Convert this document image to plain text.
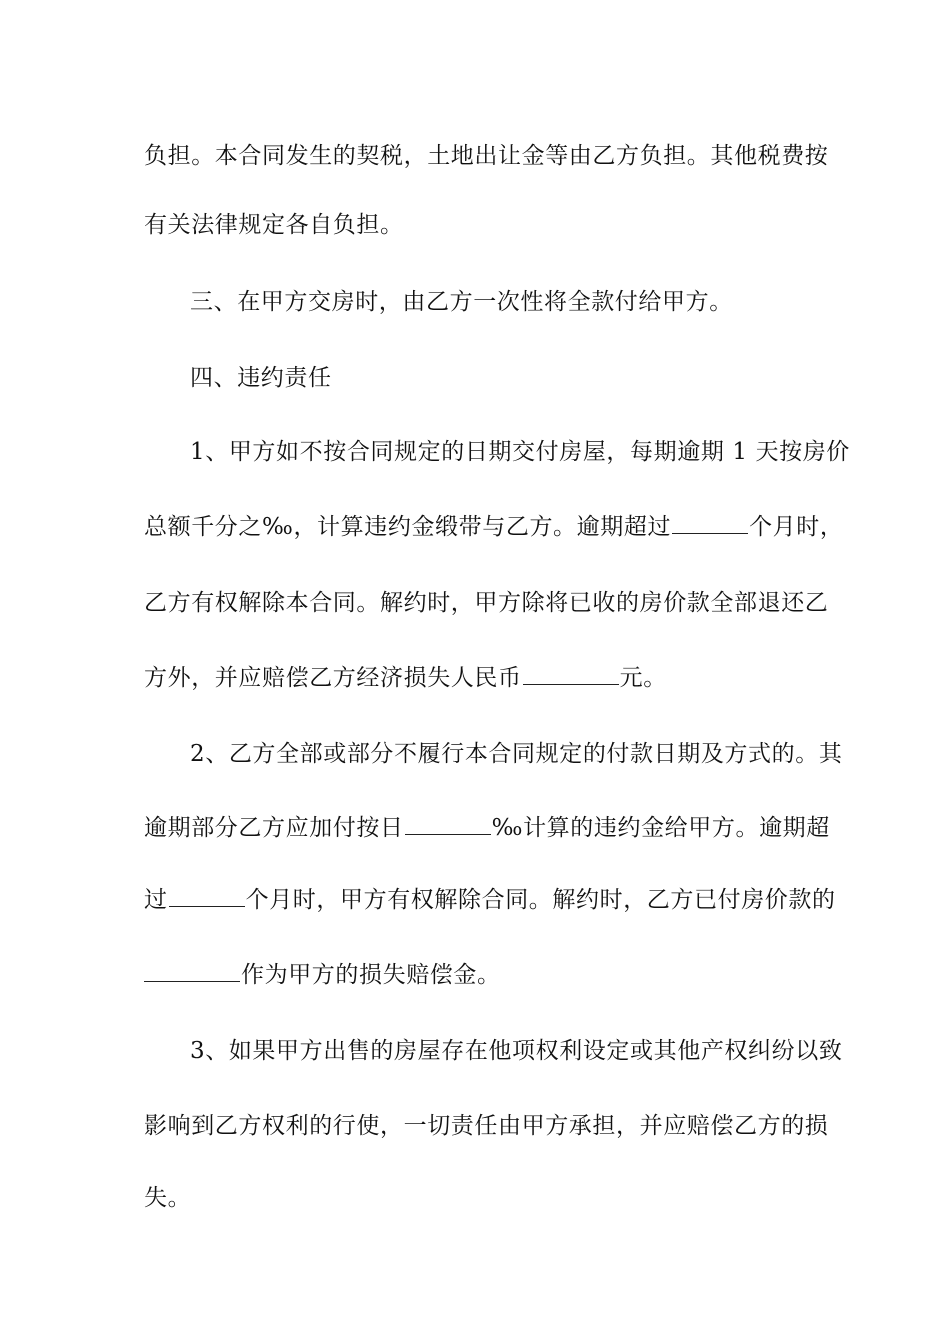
负担。本合同发生的契税，土地出让金等由乙方负担。其他税费按
有关法律规定各自负担。
三、在甲方交房时，由乙方一次性将全款付给甲方。
四、违约责任
1、甲方如不按合同规定的日期交付房屋，每期逾期 1 天按房价
总额千分之‰，计算违约金缎带与乙方。逾期超过	个月时，
乙方有权解除本合同。解约时，甲方除将已收的房价款全部退还乙
方外，并应赔偿乙方经济损失人民币	元。
2、乙方全部或部分不履行本合同规定的付款日期及方式的。其
逾期部分乙方应加付按日	‰计算的违约金给甲方。逾期超
过	个月时，甲方有权解除合同。解约时，乙方已付房价款的
作为甲方的损失赔偿金。
3、如果甲方出售的房屋存在他项权利设定或其他产权纠纷以致
影响到乙方权利的行使，一切责任由甲方承担，并应赔偿乙方的损
失。
